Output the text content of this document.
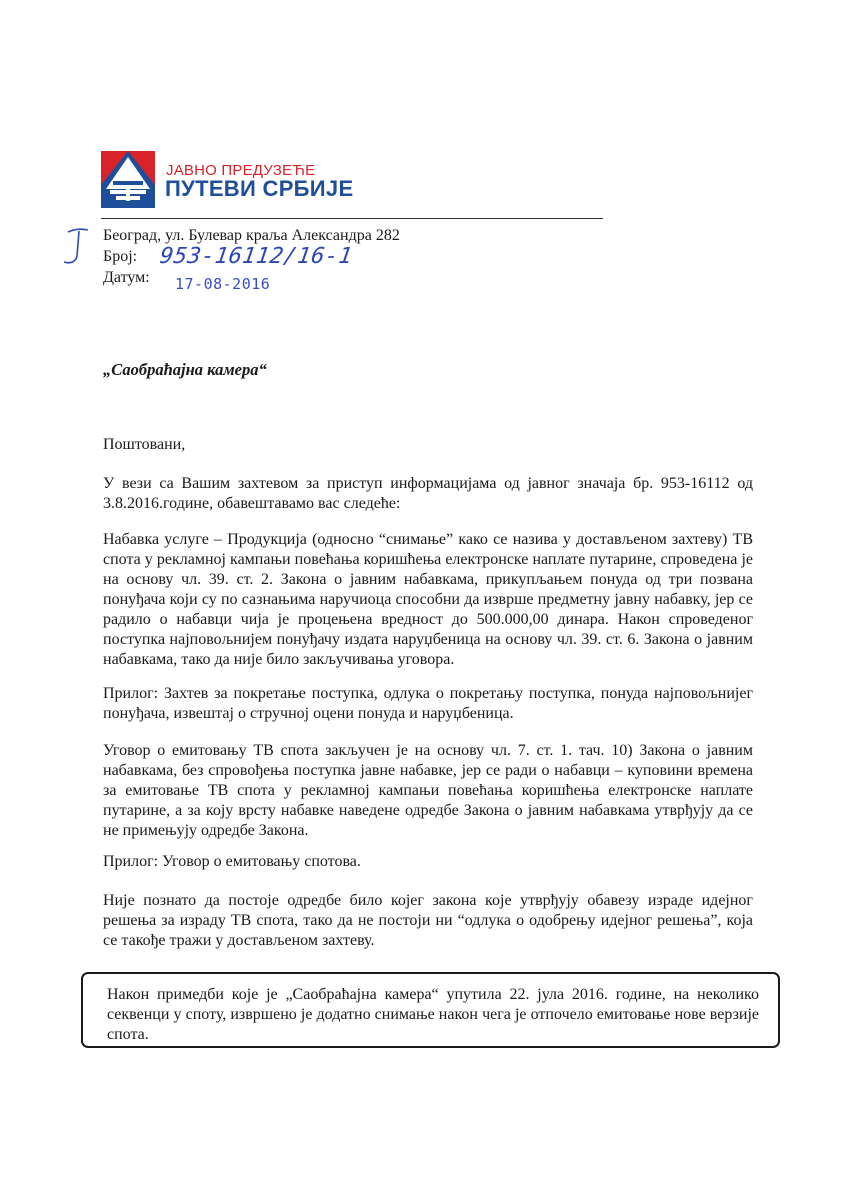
ЈАВНО ПРЕДУЗЕЋЕ
ПУТЕВИ СРБИЈЕ
Београд, ул. Булевар краља Александра 282
Број: 953-16112/16-1
Датум: 17-08-2016
„Саобраћајна камера“
Поштовани,

У вези са Вашим захтевом за приступ информацијама од јавног значаја бр. 953-16112 од 3.8.2016.године, обавештавамо вас следеће:

Набавка услуге – Продукција (односно “снимање” како се назива у достављеном захтеву) ТВ спота у рекламној кампањи повећања коришћења електронске наплате путарине, спроведена је на основу чл. 39. ст. 2. Закона о јавним набавкама, прикупљањем понуда од три позвана понуђача који су по сазнањима наручиоца способни да изврше предметну јавну набавку, јер се радило о набавци чија је процењена вредност до 500.000,00 динара. Након спроведеног поступка најповољнијем понуђачу издата наруџбеница на основу чл. 39. ст. 6. Закона о јавним набавкама, тако да није било закључивања уговора.

Прилог: Захтев за покретање поступка, одлука о покретању поступка, понуда најповољнијег понуђача, извештај о стручној оцени понуда и наруџбеница.

Уговор о емитовању ТВ спота закључен је на основу чл. 7. ст. 1. тач. 10) Закона о јавним набавкама, без спровођења поступка јавне набавке, јер се ради о набавци – куповини времена за емитовање ТВ спота у рекламној кампањи повећања коришћења електронске наплате путарине, а за коју врсту набавке наведене одредбе Закона о јавним набавкама утврђују да се не примењују одредбе Закона.

Прилог: Уговор о емитовању спотова.

Није познато да постоје одредбе било којег закона које утврђују обавезу израде идејног решења за израду ТВ спота, тако да не постоји ни “одлука о одобрењу идејног решења”, која се такође тражи у достављеном захтеву.

Након примедби које је „Саобраћајна камера“ упутила 22. јула 2016. године, на неколико секвенци у споту, извршено је додатно снимање након чега је отпочело емитовање нове верзије спота.
